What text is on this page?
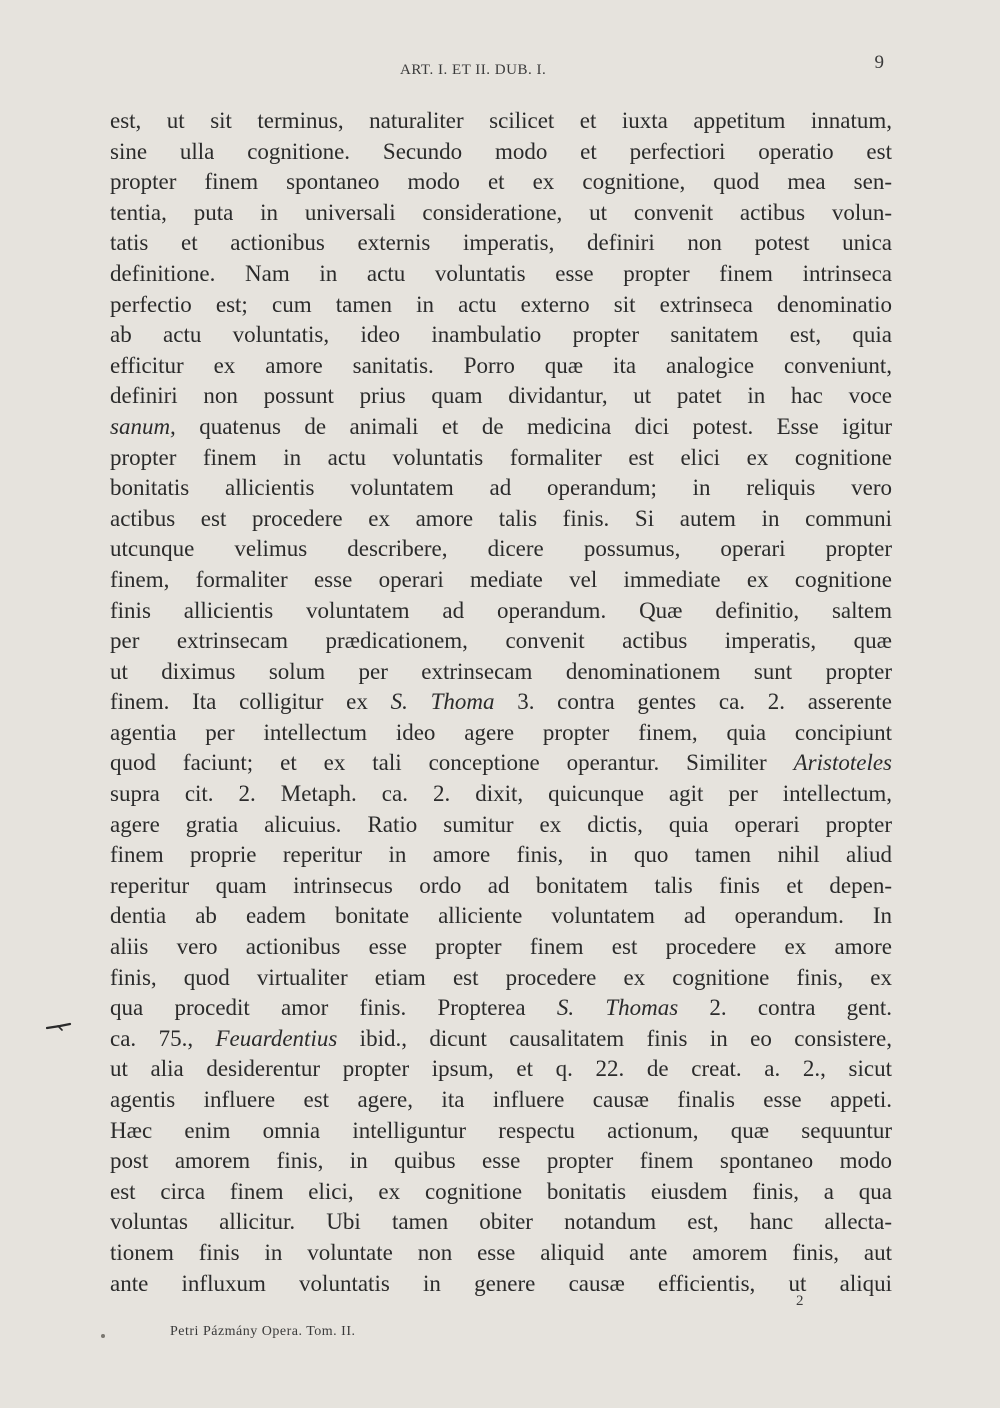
ART. I. ET II. DUB. I.	9
est, ut sit terminus, naturaliter scilicet et iuxta appetitum innatum,
sine ulla cognitione. Secundo modo et perfectiori operatio est
propter finem spontaneo modo et ex cognitione, quod mea sen-
tentia, puta in universali consideratione, ut convenit actibus volun-
tatis et actionibus externis imperatis, definiri non potest unica
definitione. Nam in actu voluntatis esse propter finem intrinseca
perfectio est; cum tamen in actu externo sit extrinseca denominatio
ab actu voluntatis, ideo inambulatio propter sanitatem est, quia
efficitur ex amore sanitatis. Porro quæ ita analogice conveniunt,
definiri non possunt prius quam dividantur, ut patet in hac voce
sanum, quatenus de animali et de medicina dici potest. Esse igitur
propter finem in actu voluntatis formaliter est elici ex cognitione
bonitatis allicientis voluntatem ad operandum; in reliquis vero
actibus est procedere ex amore talis finis. Si autem in communi
utcunque velimus describere, dicere possumus, operari propter
finem, formaliter esse operari mediate vel immediate ex cognitione
finis allicientis voluntatem ad operandum. Quæ definitio, saltem
per extrinsecam prædicationem, convenit actibus imperatis, quæ
ut diximus solum per extrinsecam denominationem sunt propter
finem. Ita colligitur ex S. Thoma 3. contra gentes ca. 2. asserente
agentia per intellectum ideo agere propter finem, quia concipiunt
quod faciunt; et ex tali conceptione operantur. Similiter Aristoteles
supra cit. 2. Metaph. ca. 2. dixit, quicunque agit per intellectum,
agere gratia alicuius. Ratio sumitur ex dictis, quia operari propter
finem proprie reperitur in amore finis, in quo tamen nihil aliud
reperitur quam intrinsecus ordo ad bonitatem talis finis et depen-
dentia ab eadem bonitate alliciente voluntatem ad operandum. In
aliis vero actionibus esse propter finem est procedere ex amore
finis, quod virtualiter etiam est procedere ex cognitione finis, ex
qua procedit amor finis. Propterea S. Thomas 2. contra gent.
ca. 75., Feuardentius ibid., dicunt causalitatem finis in eo consistere,
ut alia desiderentur propter ipsum, et q. 22. de creat. a. 2., sicut
agentis influere est agere, ita influere causæ finalis esse appeti.
Hæc enim omnia intelliguntur respectu actionum, quæ sequuntur
post amorem finis, in quibus esse propter finem spontaneo modo
est circa finem elici, ex cognitione bonitatis eiusdem finis, a qua
voluntas allicitur. Ubi tamen obiter notandum est, hanc allecta-
tionem finis in voluntate non esse aliquid ante amorem finis, aut
ante influxum voluntatis in genere causæ efficientis, ut aliqui
2
Petri Pázmány Opera. Tom. II.
